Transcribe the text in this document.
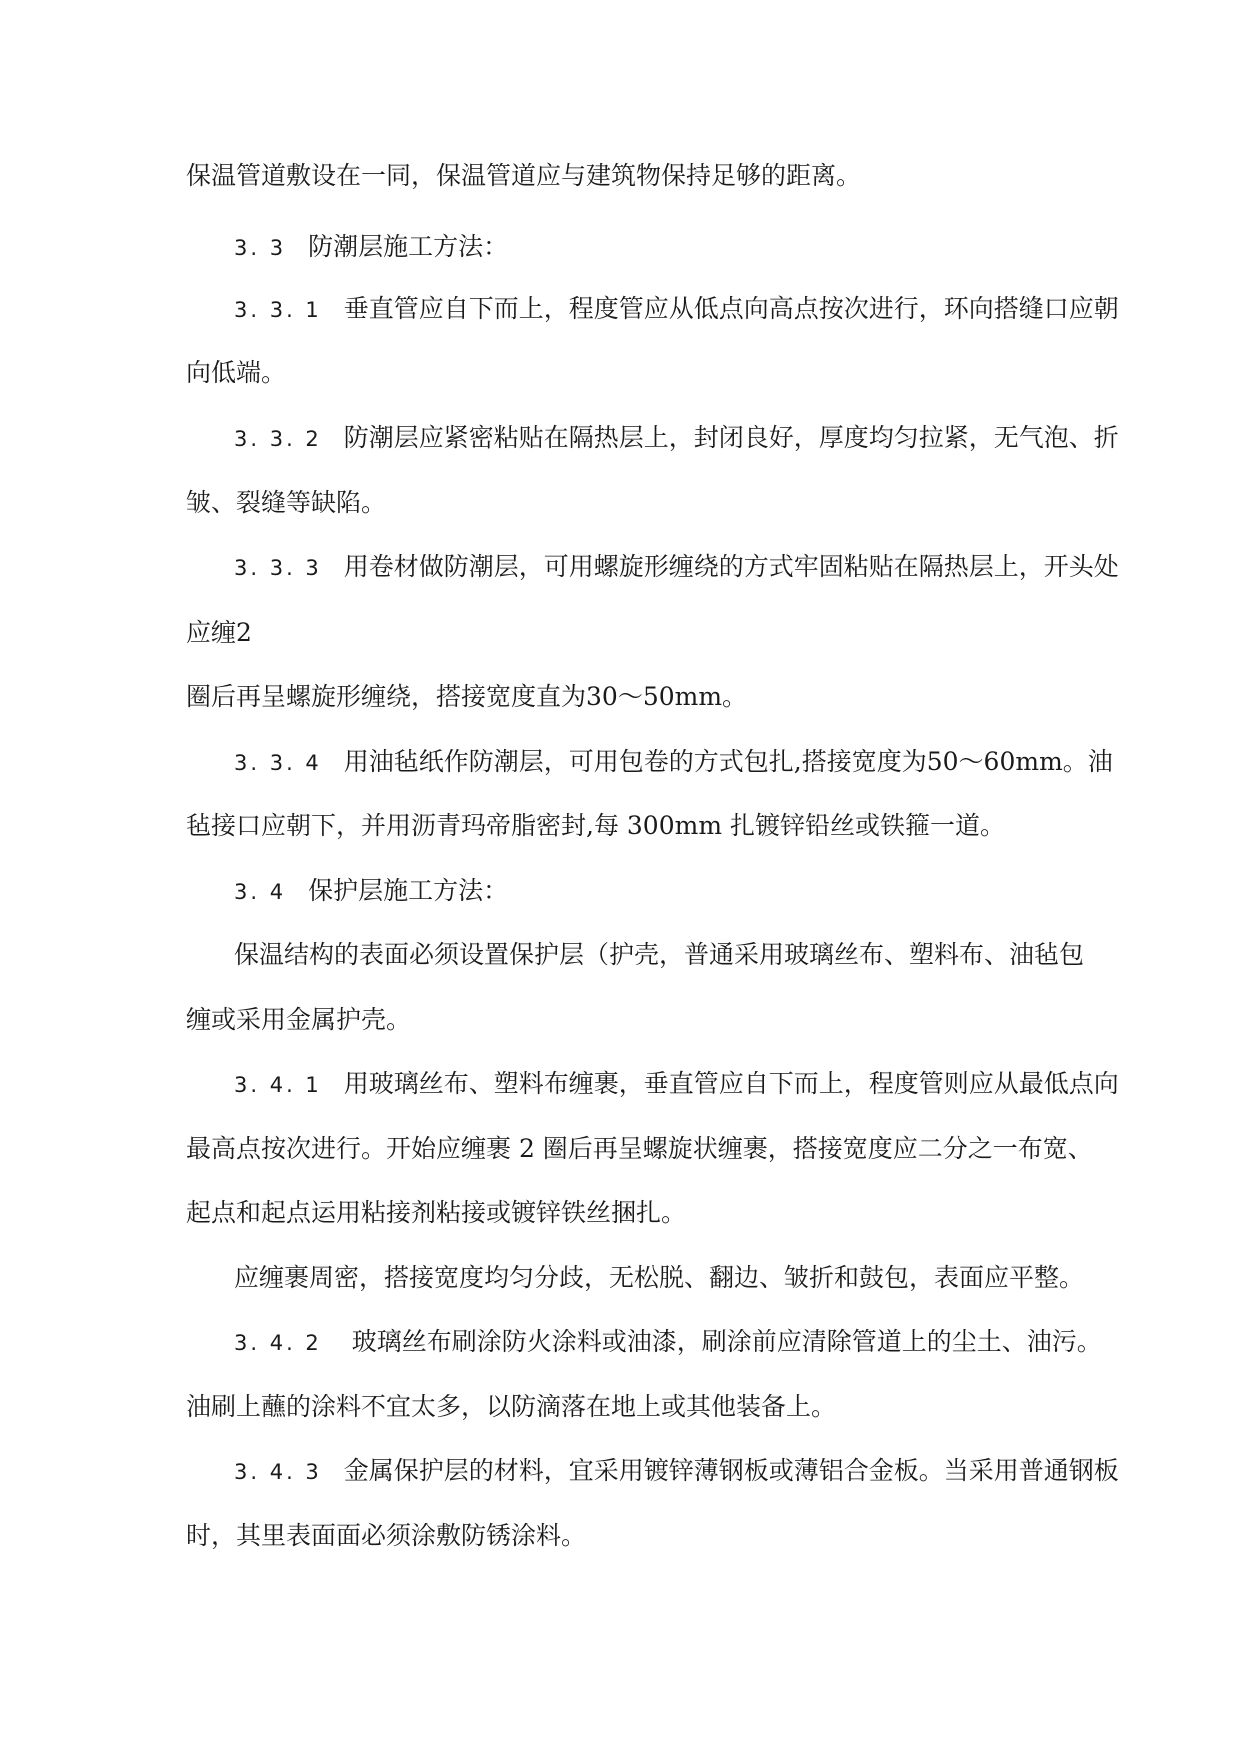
保温管道敷设在一同，保温管道应与建筑物保持足够的距离。
3. 3 防潮层施工方法：
3. 3. 1 垂直管应自下而上，程度管应从低点向高点按次进行，环向搭缝口应朝
向低端。
3. 3. 2 防潮层应紧密粘贴在隔热层上，封闭良好，厚度均匀拉紧，无气泡、折
皱、裂缝等缺陷。
3. 3. 3 用卷材做防潮层，可用螺旋形缠绕的方式牢固粘贴在隔热层上，开头处
应缠2
圈后再呈螺旋形缠绕，搭接宽度直为30～50mm。
3. 3. 4 用油毡纸作防潮层，可用包卷的方式包扎,搭接宽度为50～60mm。油
毡接口应朝下，并用沥青玛帝脂密封,每 300mm 扎镀锌铅丝或铁箍一道。
3. 4 保护层施工方法：
保温结构的表面必须设置保护层（护壳，普通采用玻璃丝布、塑料布、油毡包
缠或采用金属护壳。
3. 4. 1 用玻璃丝布、塑料布缠裹，垂直管应自下而上，程度管则应从最低点向
最高点按次进行。开始应缠裹 2 圈后再呈螺旋状缠裹，搭接宽度应二分之一布宽、
起点和起点运用粘接剂粘接或镀锌铁丝捆扎。
应缠裹周密，搭接宽度均匀分歧，无松脱、翻边、皱折和鼓包，表面应平整。
3. 4. 2 玻璃丝布刷涂防火涂料或油漆，刷涂前应清除管道上的尘土、油污。
油刷上蘸的涂料不宜太多，以防滴落在地上或其他装备上。
3. 4. 3 金属保护层的材料，宜采用镀锌薄钢板或薄铝合金板。当采用普通钢板
时，其里表面面必须涂敷防锈涂料。
